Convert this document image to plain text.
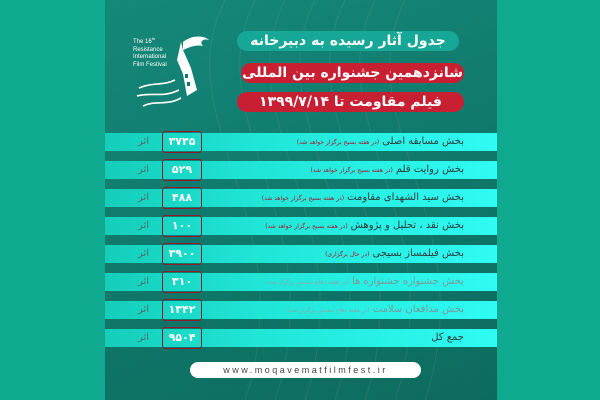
The 16th
Resistance
International
Film Festival
جدول آثار رسیده به دبیرخانه
شانزدهمین جشنواره بین المللی
فیلم مقاومت تا ۱۳۹۹/۷/۱۴
بخش مسابقه اصلی(در هفته بسیج برگزار خواهد شد)
۳۷۳۵
اثر
بخش روایت قلم(در هفته بسیج برگزار خواهد شد)
۵۲۹
اثر
بخش سید الشهدای مقاومت(در هفته بسیج برگزار خواهد شد)
۴۸۸
اثر
بخش نقد ، تحلیل و پژوهش(در هفته بسیج برگزار خواهد شد)
۱۰۰
اثر
بخش فیلمساز بسیجی(در حال برگزاری)
۳۹۰۰
اثر
بخش جشنواره جشنواره ها(در هفته دفاع مقدس برگزار شد)
۳۱۰
اثر
بخش مدافعان سلامت(در هفته دفاع مقدس برگزار شد)
۱۳۴۲
اثر
جمع کل
۹۵۰۴
اثر
www.moqavematfilmfest.ir
